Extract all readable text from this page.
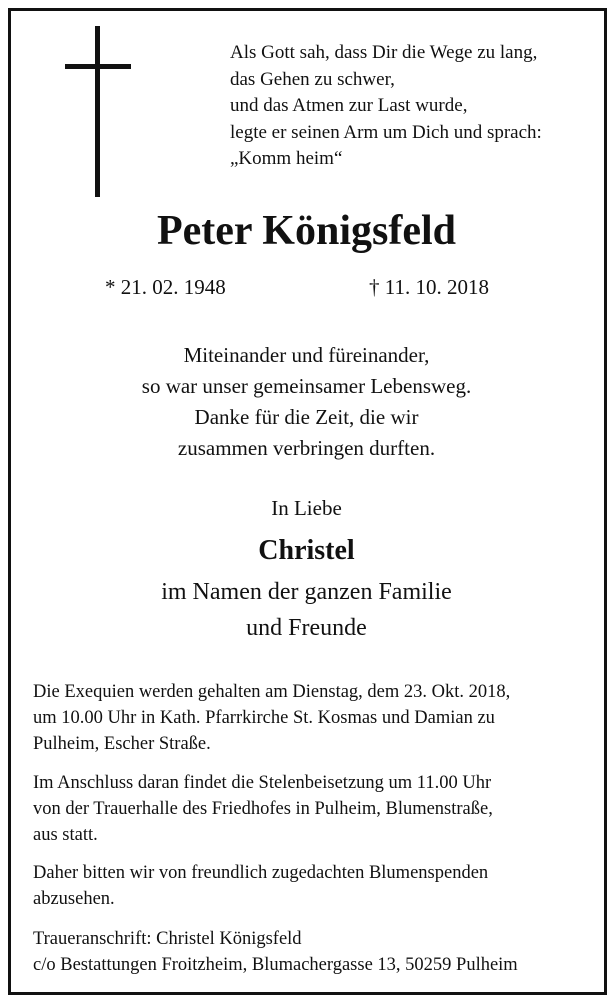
Als Gott sah, dass Dir die Wege zu lang,
das Gehen zu schwer,
und das Atmen zur Last wurde,
legte er seinen Arm um Dich und sprach:
„Komm heim“
Peter Königsfeld
* 21. 02. 1948	† 11. 10. 2018
Miteinander und füreinander,
so war unser gemeinsamer Lebensweg.
Danke für die Zeit, die wir
zusammen verbringen durften.
In Liebe
Christel
im Namen der ganzen Familie
und Freunde
Die Exequien werden gehalten am Dienstag, dem 23. Okt. 2018,
um 10.00 Uhr in Kath. Pfarrkirche St. Kosmas und Damian zu
Pulheim, Escher Straße.
Im Anschluss daran findet die Stelenbeisetzung um 11.00 Uhr
von der Trauerhalle des Friedhofes in Pulheim, Blumenstraße,
aus statt.
Daher bitten wir von freundlich zugedachten Blumenspenden
abzusehen.
Traueranschrift: Christel Königsfeld
c/o Bestattungen Froitzheim, Blumachergasse 13, 50259 Pulheim
